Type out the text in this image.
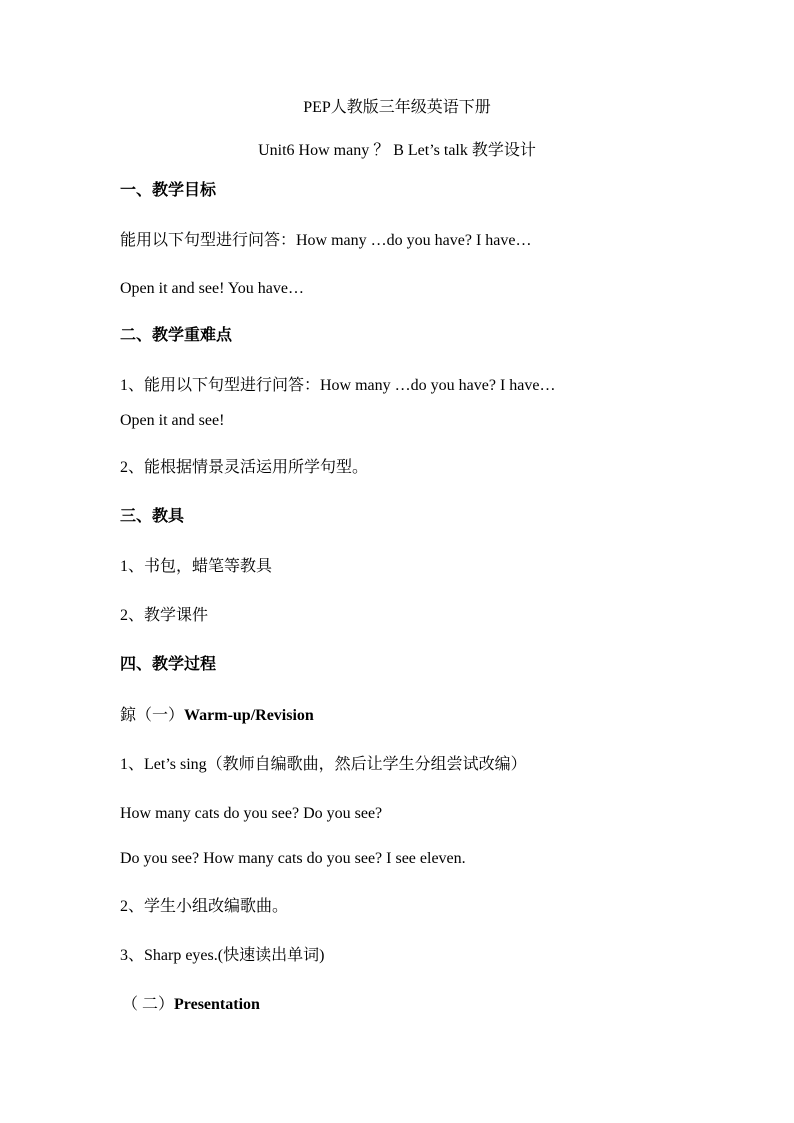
PEP人教版三年级英语下册
Unit6 How many ？ B Let’s talk 教学设计
一、教学目标
能用以下句型进行问答：How many …do you have? I have…
Open it and see! You have…
二、教学重难点
1、能用以下句型进行问答：How many …do you have? I have…
Open it and see!
2、能根据情景灵活运用所学句型。
三、教具
1、书包，蜡笔等教具
2、教学课件
四、教学过程
鍄（一）Warm-up/Revision
1、Let’s sing（教师自编歌曲，然后让学生分组尝试改编）
How many cats do you see? Do you see?
Do you see? How many cats do you see? I see eleven.
2、学生小组改编歌曲。
3、Sharp eyes.(快速读出单词)
（ 二）Presentation
